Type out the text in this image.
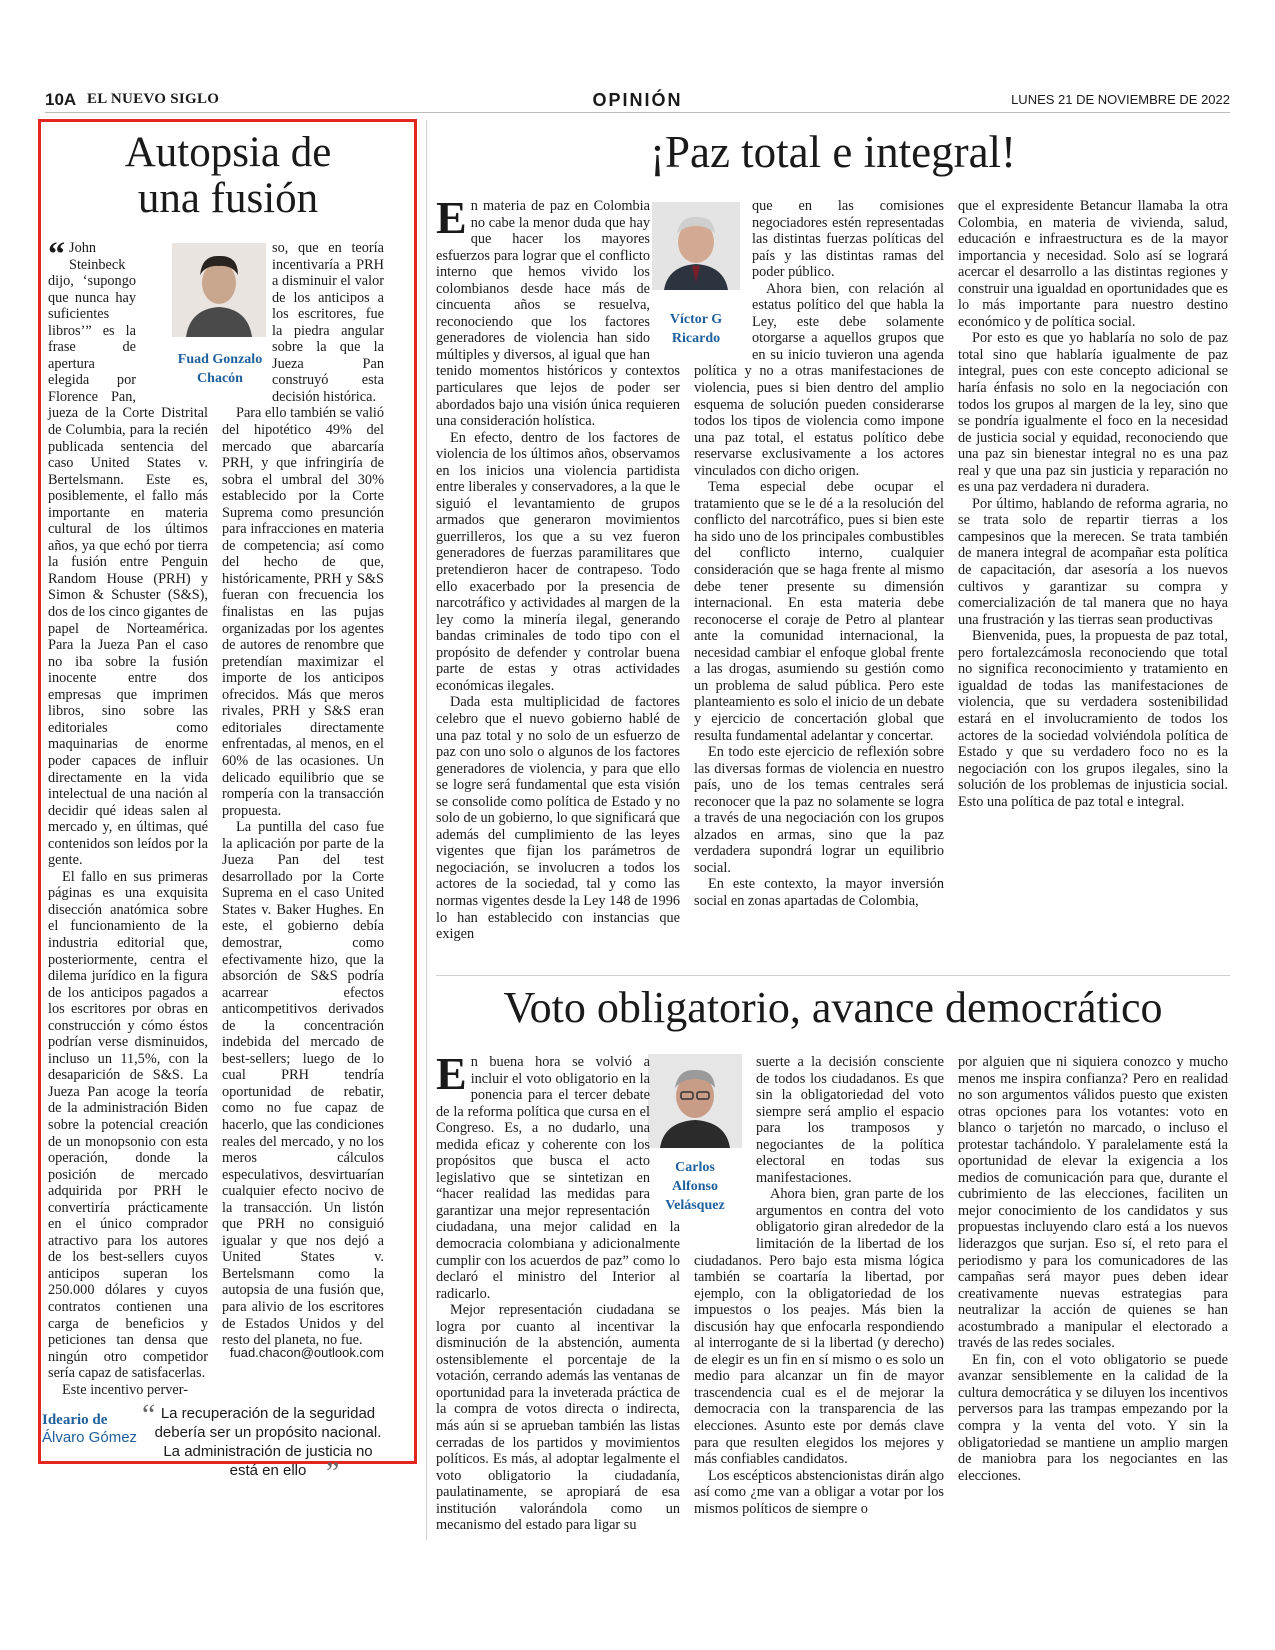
10A EL NUEVO SIGLO	OPINIÓN	LUNES 21 DE NOVIEMBRE DE 2022
Autopsia de
una fusión
Fuad Gonzalo
Chacón

“ John Steinbeck dijo, ‘supongo que nunca hay suficientes libros’” es la frase de apertura elegida por Florence Pan, jueza de la Corte Distrital de Columbia, para la recién publicada sentencia del caso United States v. Bertelsmann. Este es, posiblemente, el fallo más importante en materia cultural de los últimos años, ya que echó por tierra la fusión entre Penguin Random House (PRH) y Simon & Schuster (S&S), dos de los cinco gigantes de papel de Norteamérica. Para la Jueza Pan el caso no iba sobre la fusión inocente entre dos empresas que imprimen libros, sino sobre las editoriales como maquinarias de enorme poder capaces de influir directamente en la vida intelectual de una nación al decidir qué ideas salen al mercado y, en últimas, qué contenidos son leídos por la gente.

El fallo en sus primeras páginas es una exquisita disección anatómica sobre el funcionamiento de la industria editorial que, posteriormente, centra el dilema jurídico en la figura de los anticipos pagados a los escritores por obras en construcción y cómo éstos podrían verse disminuidos, incluso un 11,5%, con la desaparición de S&S. La Jueza Pan acoge la teoría de la administración Biden sobre la potencial creación de un monopsonio con esta operación, donde la posición de mercado adquirida por PRH le convertiría prácticamente en el único comprador atractivo para los autores de los best-sellers cuyos anticipos superan los 250.000 dólares y cuyos contratos contienen una carga de beneficios y peticiones tan densa que ningún otro competidor sería capaz de satisfacerlas.

Este incentivo perver-

so, que en teoría incentivaría a PRH a disminuir el valor de los anticipos a los escritores, fue la piedra angular sobre la que la Jueza Pan construyó esta decisión histórica.

Para ello también se valió del hipotético 49% del mercado que abarcaría PRH, y que infringiría de sobra el umbral del 30% establecido por la Corte Suprema como presunción para infracciones en materia de competencia; así como del hecho de que, históricamente, PRH y S&S fueran con frecuencia los finalistas en las pujas organizadas por los agentes de autores de renombre que pretendían maximizar el importe de los anticipos ofrecidos. Más que meros rivales, PRH y S&S eran editoriales directamente enfrentadas, al menos, en el 60% de las ocasiones. Un delicado equilibrio que se rompería con la transacción propuesta.

La puntilla del caso fue la aplicación por parte de la Jueza Pan del test desarrollado por la Corte Suprema en el caso United States v. Baker Hughes. En este, el gobierno debía demostrar, como efectivamente hizo, que la absorción de S&S podría acarrear efectos anticompetitivos derivados de la concentración indebida del mercado de best-sellers; luego de lo cual PRH tendría oportunidad de rebatir, como no fue capaz de hacerlo, que las condiciones reales del mercado, y no los meros cálculos especulativos, desvirtuarían cualquier efecto nocivo de la transacción. Un listón que PRH no consiguió igualar y que nos dejó a United States v. Bertelsmann como la autopsia de una fusión que, para alivio de los escritores de Estados Unidos y del resto del planeta, no fue.

fuad.chacon@outlook.com
Ideario de
Álvaro Gómez
“ La recuperación de la seguridad
debería ser un propósito nacional.
La administración de justicia no
está en ello ”
¡Paz total e integral!
Víctor G
Ricardo

En materia de paz en Colombia no cabe la menor duda que hay que hacer los mayores esfuerzos para lograr que el conflicto interno que hemos vivido los colombianos desde hace más de cincuenta años se resuelva, reconociendo que los factores generadores de violencia han sido múltiples y diversos, al igual que han tenido momentos históricos y contextos particulares que lejos de poder ser abordados bajo una visión única requieren una consideración holística.

En efecto, dentro de los factores de violencia de los últimos años, observamos en los inicios una violencia partidista entre liberales y conservadores, a la que le siguió el levantamiento de grupos armados que generaron movimientos guerrilleros, los que a su vez fueron generadores de fuerzas paramilitares que pretendieron hacer de contrapeso. Todo ello exacerbado por la presencia de narcotráfico y actividades al margen de la ley como la minería ilegal, generando bandas criminales de todo tipo con el propósito de defender y controlar buena parte de estas y otras actividades económicas ilegales.

Dada esta multiplicidad de factores celebro que el nuevo gobierno hablé de una paz total y no solo de un esfuerzo de paz con uno solo o algunos de los factores generadores de violencia, y para que ello se logre será fundamental que esta visión se consolide como política de Estado y no solo de un gobierno, lo que significará que además del cumplimiento de las leyes vigentes que fijan los parámetros de negociación, se involucren a todos los actores de la sociedad, tal y como las normas vigentes desde la Ley 148 de 1996 lo han establecido con instancias que exigen

que en las comisiones negociadores estén representadas las distintas fuerzas políticas del país y las distintas ramas del poder público.

Ahora bien, con relación al estatus político del que habla la Ley, este debe solamente otorgarse a aquellos grupos que en su inicio tuvieron una agenda política y no a otras manifestaciones de violencia, pues si bien dentro del amplio esquema de solución pueden considerarse todos los tipos de violencia como impone una paz total, el estatus político debe reservarse exclusivamente a los actores vinculados con dicho origen.

Tema especial debe ocupar el tratamiento que se le dé a la resolución del conflicto del narcotráfico, pues si bien este ha sido uno de los principales combustibles del conflicto interno, cualquier consideración que se haga frente al mismo debe tener presente su dimensión internacional. En esta materia debe reconocerse el coraje de Petro al plantear ante la comunidad internacional, la necesidad cambiar el enfoque global frente a las drogas, asumiendo su gestión como un problema de salud pública. Pero este planteamiento es solo el inicio de un debate y ejercicio de concertación global que resulta fundamental adelantar y concertar.

En todo este ejercicio de reflexión sobre las diversas formas de violencia en nuestro país, uno de los temas centrales será reconocer que la paz no solamente se logra a través de una negociación con los grupos alzados en armas, sino que la paz verdadera supondrá lograr un equilibrio social.

En este contexto, la mayor inversión social en zonas apartadas de Colombia,

que el expresidente Betancur llamaba la otra Colombia, en materia de vivienda, salud, educación e infraestructura es de la mayor importancia y necesidad. Solo así se logrará acercar el desarrollo a las distintas regiones y construir una igualdad en oportunidades que es lo más importante para nuestro destino económico y de política social.

Por esto es que yo hablaría no solo de paz total sino que hablaría igualmente de paz integral, pues con este concepto adicional se haría énfasis no solo en la negociación con todos los grupos al margen de la ley, sino que se pondría igualmente el foco en la necesidad de justicia social y equidad, reconociendo que una paz sin bienestar integral no es una paz real y que una paz sin justicia y reparación no es una paz verdadera ni duradera.

Por último, hablando de reforma agraria, no se trata solo de repartir tierras a los campesinos que la merecen. Se trata también de manera integral de acompañar esta política de capacitación, dar asesoría a los nuevos cultivos y garantizar su compra y comercialización de tal manera que no haya una frustración y las tierras sean productivas

Bienvenida, pues, la propuesta de paz total, pero fortalezcámosla reconociendo que total no significa reconocimiento y tratamiento en igualdad de todas las manifestaciones de violencia, que su verdadera sostenibilidad estará en el involucramiento de todos los actores de la sociedad volviéndola política de Estado y que su verdadero foco no es la negociación con los grupos ilegales, sino la solución de los problemas de injusticia social. Esto una política de paz total e integral.

Voto obligatorio, avance democrático
Carlos
Alfonso
Velásquez

En buena hora se volvió a incluir el voto obligatorio en la ponencia para el tercer debate de la reforma política que cursa en el Congreso. Es, a no dudarlo, una medida eficaz y coherente con los propósitos que busca el acto legislativo que se sintetizan en “hacer realidad las medidas para garantizar una mejor representación ciudadana, una mejor calidad en la democracia colombiana y adicionalmente cumplir con los acuerdos de paz” como lo declaró el ministro del Interior al radicarlo.

Mejor representación ciudadana se logra por cuanto al incentivar la disminución de la abstención, aumenta ostensiblemente el porcentaje de la votación, cerrando además las ventanas de oportunidad para la inveterada práctica de la compra de votos directa o indirecta, más aún si se aprueban también las listas cerradas de los partidos y movimientos políticos. Es más, al adoptar legalmente el voto obligatorio la ciudadanía, paulatinamente, se apropiará de esa institución valorándola como un mecanismo del estado para ligar su

suerte a la decisión consciente de todos los ciudadanos. Es que sin la obligatoriedad del voto siempre será amplio el espacio para los tramposos y negociantes de la política electoral en todas sus manifestaciones.

Ahora bien, gran parte de los argumentos en contra del voto obligatorio giran alrededor de la limitación de la libertad de los ciudadanos. Pero bajo esta misma lógica también se coartaría la libertad, por ejemplo, con la obligatoriedad de los impuestos o los peajes. Más bien la discusión hay que enfocarla respondiendo al interrogante de si la libertad (y derecho) de elegir es un fin en sí mismo o es solo un medio para alcanzar un fin de mayor trascendencia cual es el de mejorar la democracia con la transparencia de las elecciones. Asunto este por demás clave para que resulten elegidos los mejores y más confiables candidatos.

Los escépticos abstencionistas dirán algo así como ¿me van a obligar a votar por los mismos políticos de siempre o

por alguien que ni siquiera conozco y mucho menos me inspira confianza? Pero en realidad no son argumentos válidos puesto que existen otras opciones para los votantes: voto en blanco o tarjetón no marcado, o incluso el protestar tachándolo. Y paralelamente está la oportunidad de elevar la exigencia a los medios de comunicación para que, durante el cubrimiento de las elecciones, faciliten un mejor conocimiento de los candidatos y sus propuestas incluyendo claro está a los nuevos liderazgos que surjan. Eso sí, el reto para el periodismo y para los comunicadores de las campañas será mayor pues deben idear creativamente nuevas estrategias para neutralizar la acción de quienes se han acostumbrado a manipular el electorado a través de las redes sociales.

En fin, con el voto obligatorio se puede avanzar sensiblemente en la calidad de la cultura democrática y se diluyen los incentivos perversos para las trampas empezando por la compra y la venta del voto. Y sin la obligatoriedad se mantiene un amplio margen de maniobra para los negociantes en las elecciones.
